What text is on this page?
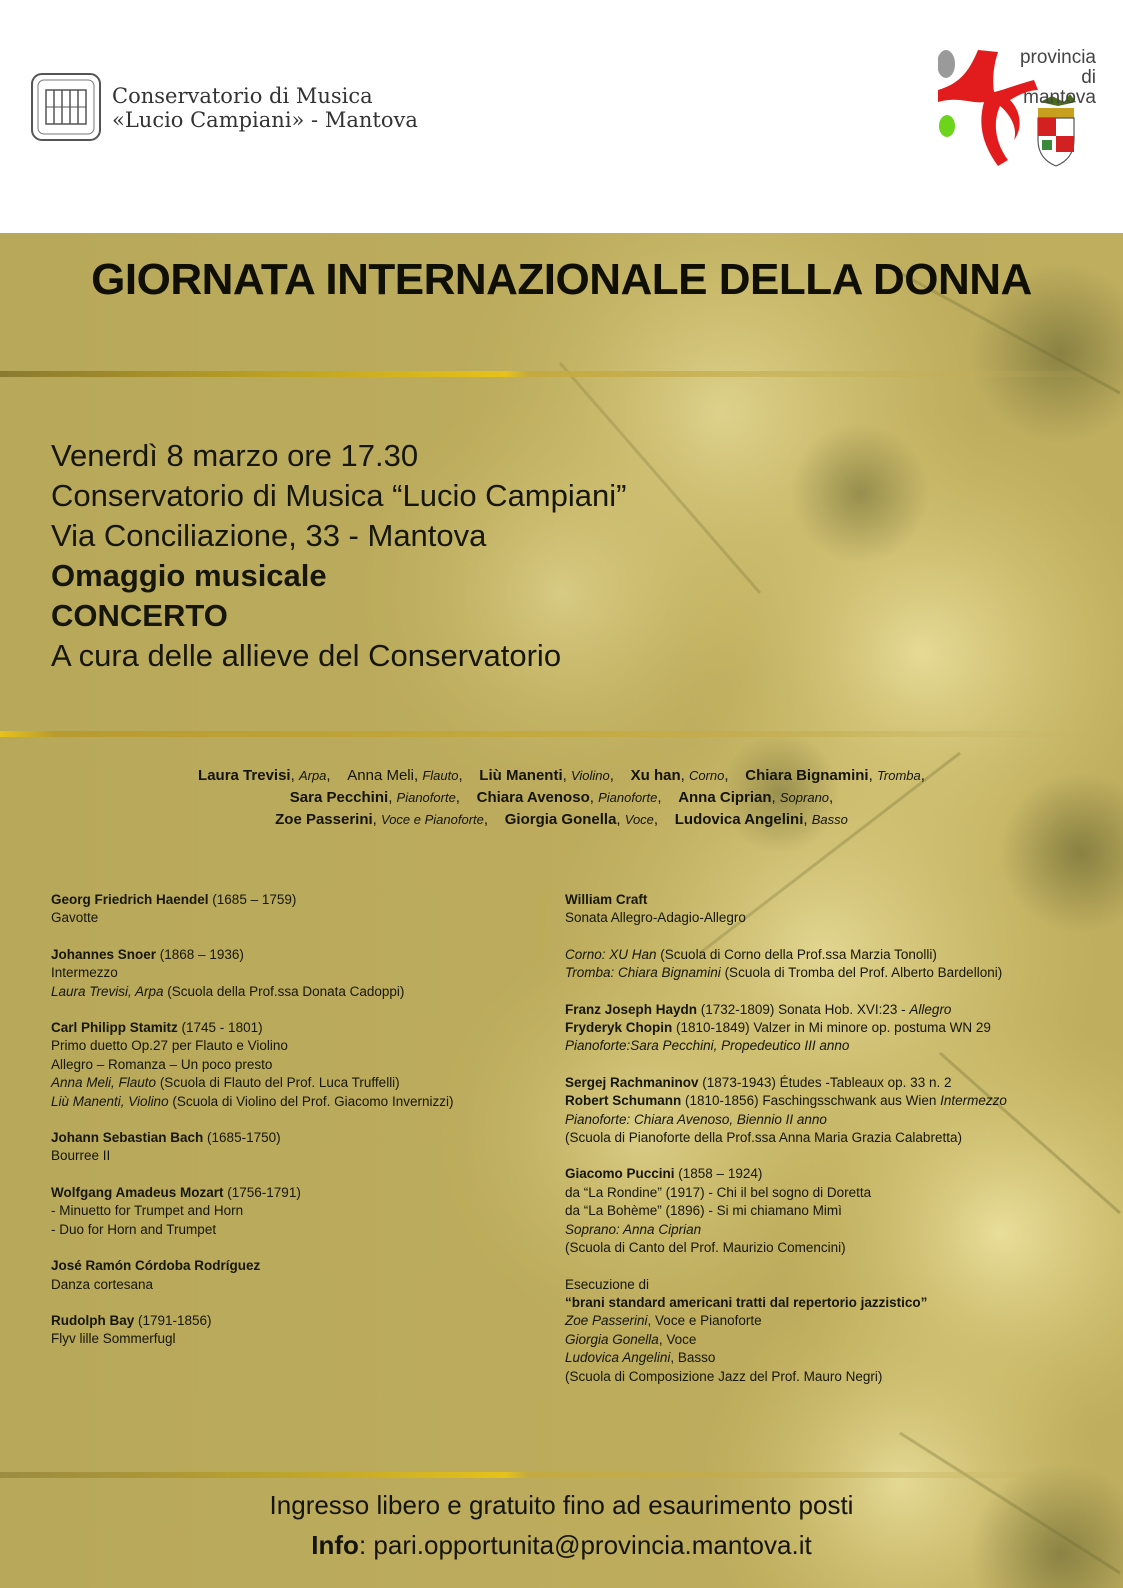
Conservatorio di Musica
«Lucio Campiani» - Mantova
provincia
di mantova
GIORNATA INTERNAZIONALE DELLA DONNA
Venerdì 8 marzo ore 17.30
Conservatorio di Musica “Lucio Campiani”
Via Conciliazione, 33 - Mantova
Omaggio musicale
CONCERTO
A cura delle allieve del Conservatorio
Laura Trevisi, Arpa,    Anna Meli, Flauto,    Liù Manenti, Violino,    Xu han, Corno,    Chiara Bignamini, Tromba,
Sara Pecchini, Pianoforte,    Chiara Avenoso, Pianoforte,    Anna Ciprian, Soprano,
Zoe Passerini, Voce e Pianoforte,    Giorgia Gonella, Voce,    Ludovica Angelini, Basso
Georg Friedrich Haendel (1685 – 1759)
Gavotte
Johannes Snoer (1868 – 1936)
Intermezzo
Laura Trevisi, Arpa (Scuola della Prof.ssa Donata Cadoppi)
Carl Philipp Stamitz (1745 - 1801)
Primo duetto Op.27 per Flauto e Violino
Allegro – Romanza – Un poco presto
Anna Meli, Flauto (Scuola di Flauto del Prof. Luca Truffelli)
Liù Manenti, Violino (Scuola di Violino del Prof. Giacomo Invernizzi)
Johann Sebastian Bach (1685-1750)
Bourree II
Wolfgang Amadeus Mozart (1756-1791)
- Minuetto for Trumpet and Horn
- Duo for Horn and Trumpet
José Ramón Córdoba Rodríguez
Danza cortesana
Rudolph Bay (1791-1856)
Flyv lille Sommerfugl
William Craft
Sonata Allegro-Adagio-Allegro
Corno: XU Han (Scuola di Corno della Prof.ssa Marzia Tonolli)
Tromba: Chiara Bignamini (Scuola di Tromba del Prof. Alberto Bardelloni)
Franz Joseph Haydn (1732-1809) Sonata Hob. XVI:23 - Allegro
Fryderyk Chopin (1810-1849) Valzer in Mi minore op. postuma WN 29
Pianoforte:Sara Pecchini, Propedeutico III anno
Sergej Rachmaninov (1873-1943) Études -Tableaux op. 33 n. 2
Robert Schumann (1810-1856) Faschingsschwank aus Wien Intermezzo
Pianoforte: Chiara Avenoso, Biennio II anno
(Scuola di Pianoforte della Prof.ssa Anna Maria Grazia Calabretta)
Giacomo Puccini (1858 – 1924)
da “La Rondine” (1917) - Chi il bel sogno di Doretta
da “La Bohème” (1896) - Si mi chiamano Mimì
Soprano: Anna Ciprian
(Scuola di Canto del Prof. Maurizio Comencini)
Esecuzione di
“brani standard americani tratti dal repertorio jazzistico”
Zoe Passerini, Voce e Pianoforte
Giorgia Gonella, Voce
Ludovica Angelini, Basso
(Scuola di Composizione Jazz del Prof. Mauro Negri)
Ingresso libero e gratuito fino ad esaurimento posti
Info: pari.opportunita@provincia.mantova.it
